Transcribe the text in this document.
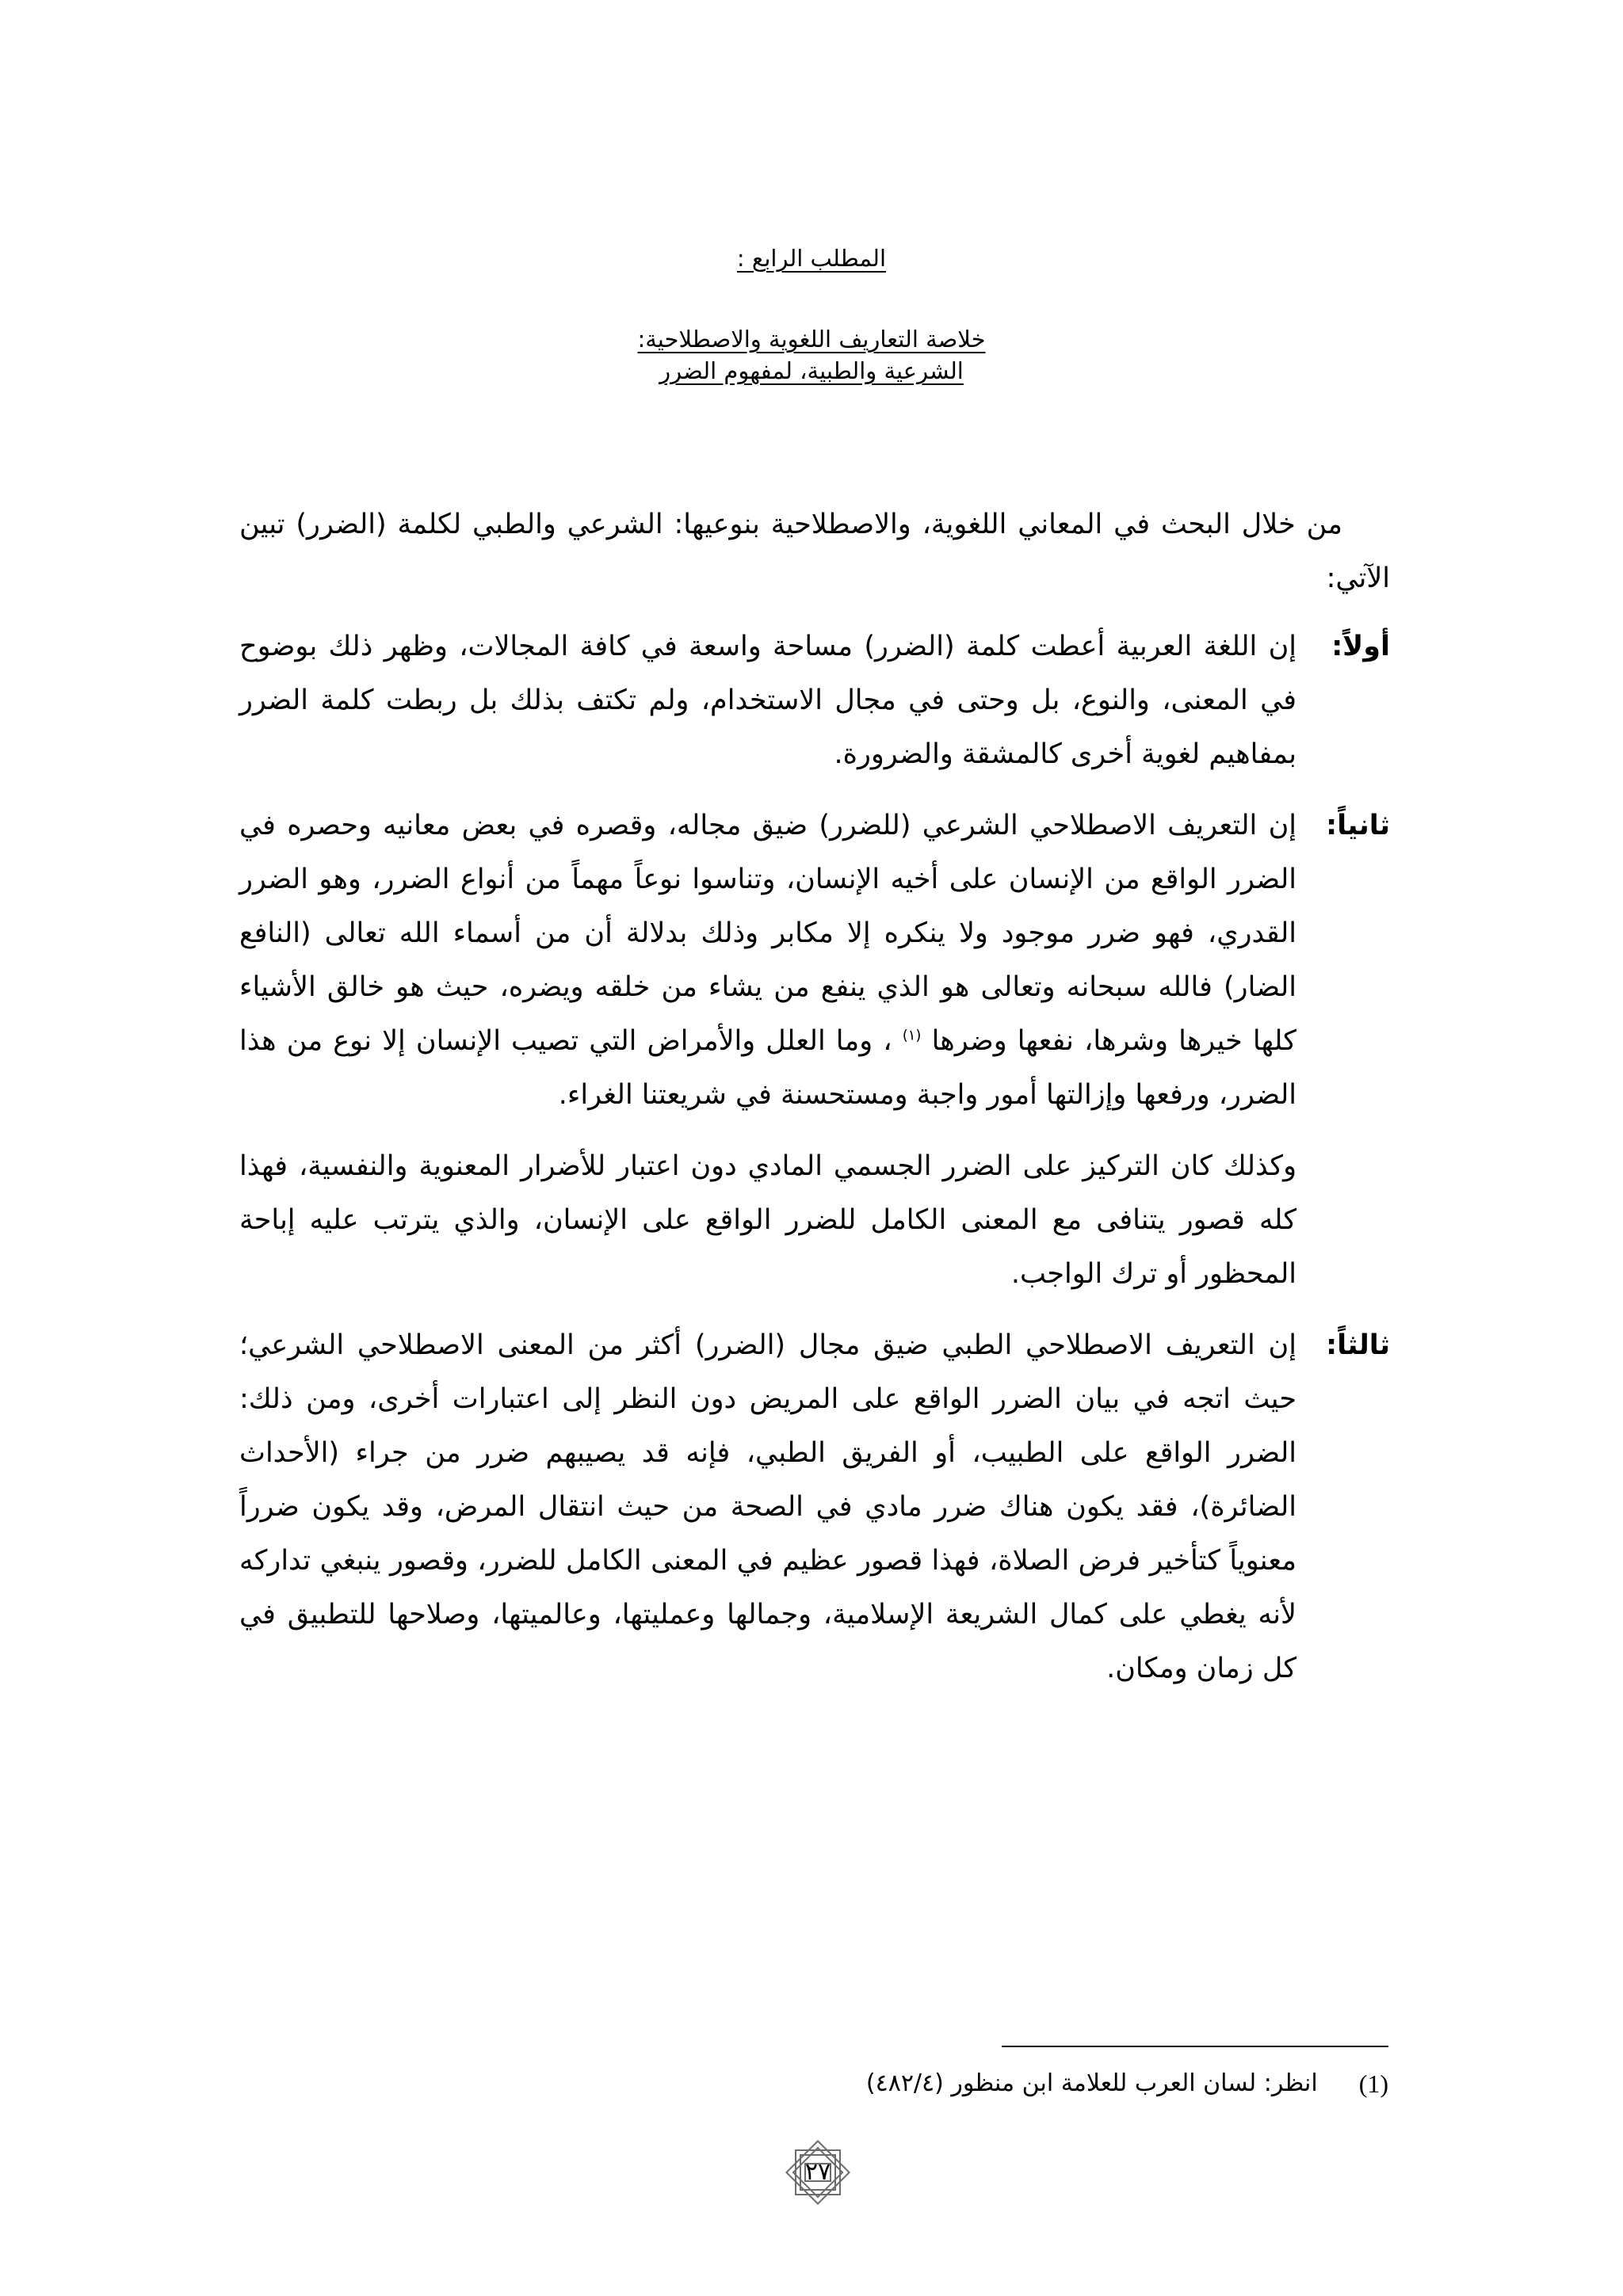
المطلب الرابع :
خلاصة التعاريف اللغوية والاصطلاحية:
الشرعية والطبية، لمفهوم الضرر

من خلال البحث في المعاني اللغوية، والاصطلاحية بنوعيها: الشرعي والطبي لكلمة (الضرر) تبين الآتي:

أولاً:
إن اللغة العربية أعطت كلمة (الضرر) مساحة واسعة في كافة المجالات، وظهر ذلك بوضوح في المعنى، والنوع، بل وحتى في مجال الاستخدام، ولم تكتف بذلك بل ربطت كلمة الضرر بمفاهيم لغوية أخرى كالمشقة والضرورة.
ثانياً:
إن التعريف الاصطلاحي الشرعي (للضرر) ضيق مجاله، وقصره في بعض معانيه وحصره في الضرر الواقع من الإنسان على أخيه الإنسان، وتناسوا نوعاً مهماً من أنواع الضرر، وهو الضرر القدري، فهو ضرر موجود ولا ينكره إلا مكابر وذلك بدلالة أن من أسماء الله تعالى (النافع الضار) فالله سبحانه وتعالى هو الذي ينفع من يشاء من خلقه ويضره، حيث هو خالق الأشياء كلها خيرها وشرها، نفعها وضرها $^{(١)}$ ، وما العلل والأمراض التي تصيب الإنسان إلا نوع من هذا الضرر، ورفعها وإزالتها أمور واجبة ومستحسنة في شريعتنا الغراء.

وكذلك كان التركيز على الضرر الجسمي المادي دون اعتبار للأضرار المعنوية والنفسية، فهذا كله قصور يتنافى مع المعنى الكامل للضرر الواقع على الإنسان، والذي يترتب عليه إباحة المحظور أو ترك الواجب.

ثالثاً:
إن التعريف الاصطلاحي الطبي ضيق مجال (الضرر) أكثر من المعنى الاصطلاحي الشرعي؛ حيث اتجه في بيان الضرر الواقع على المريض دون النظر إلى اعتبارات أخرى، ومن ذلك: الضرر الواقع على الطبيب، أو الفريق الطبي، فإنه قد يصيبهم ضرر من جراء (الأحداث الضائرة)، فقد يكون هناك ضرر مادي في الصحة من حيث انتقال المرض، وقد يكون ضرراً معنوياً كتأخير فرض الصلاة، فهذا قصور عظيم في المعنى الكامل للضرر، وقصور ينبغي تداركه لأنه يغطي على كمال الشريعة الإسلامية، وجمالها وعمليتها، وعالميتها، وصلاحها للتطبيق في كل زمان ومكان.
(1)
انظر: لسان العرب للعلامة ابن منظور (٤٨٢/٤)
٢٧
